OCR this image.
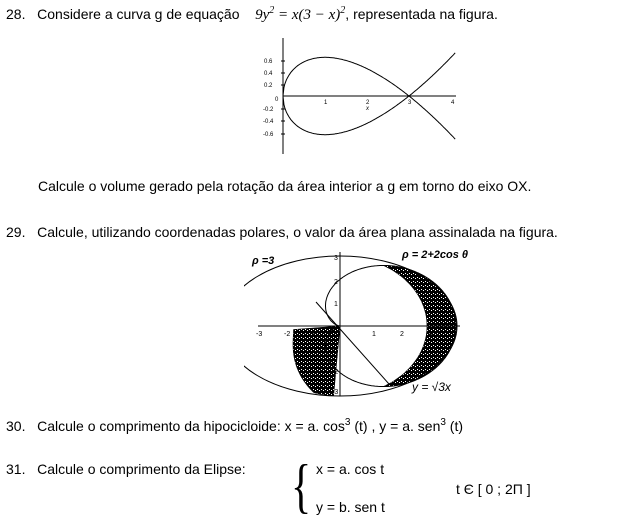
28. Considere a curva g de equação $9y^2 = x(3 - x)^2$, representada na figura.
0.6
0.4
0.2
0
-0.2
-0.4
-0.6
1	2
x
3	4
Calcule o volume gerado pela rotação da área interior a g em torno do eixo OX.
29. Calcule, utilizando coordenadas polares, o valor da área plana assinalada na figura.
-3	-2	-1	1	2	3	4
3
2
1
-1
-2
-3
ρ =3	ρ = 2+2cos θ
y = √3x
30. Calcule o comprimento da hipocicloide: x = a. $\cos^3 (t)$ , y = a. sen$^3$ (t)
31. Calcule o comprimento da Elipse: { x = a. cos t
y = b. sen t
t Є [ 0 ; 2Π ]
